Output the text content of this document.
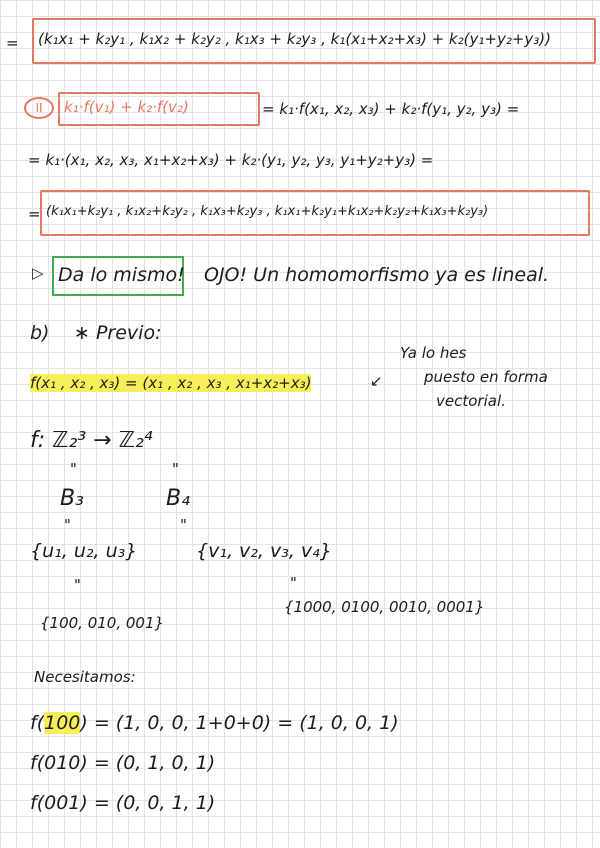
= (k₁x₁ + k₂y₁ , k₁x₂ + k₂y₂ , k₁x₃ + k₂y₃ , k₁(x₁+x₂+x₃) + k₂(y₁+y₂+y₃))
II	k₁·f(v₁) + k₂·f(v₂)	= k₁·f(x₁, x₂, x₃) + k₂·f(y₁, y₂, y₃) =
= k₁·(x₁, x₂, x₃, x₁+x₂+x₃) + k₂·(y₁, y₂, y₃, y₁+y₂+y₃) =
= (k₁x₁+k₂y₁ , k₁x₂+k₂y₂ , k₁x₃+k₂y₃ , k₁x₁+k₂y₁+k₁x₂+k₂y₂+k₁x₃+k₂y₃)
▷ Da lo mismo! OJO! Un homomorfismo ya es lineal.
b) ∗ Previo:
f(x₁ , x₂ , x₃) = (x₁ , x₂ , x₃ , x₁+x₂+x₃)	↙
Ya lo hes
puesto en forma
vectorial.
f: ℤ₂³ → ℤ₂⁴
"	"
B₃	B₄
"	"
{u₁, u₂, u₃}	{v₁, v₂, v₃, v₄}
"	"
{100, 010, 001}
{1000, 0100, 0010, 0001}
Necesitamos:
f(100) = (1, 0, 0, 1+0+0) = (1, 0, 0, 1)
f(010) = (0, 1, 0, 1)
f(001) = (0, 0, 1, 1)
